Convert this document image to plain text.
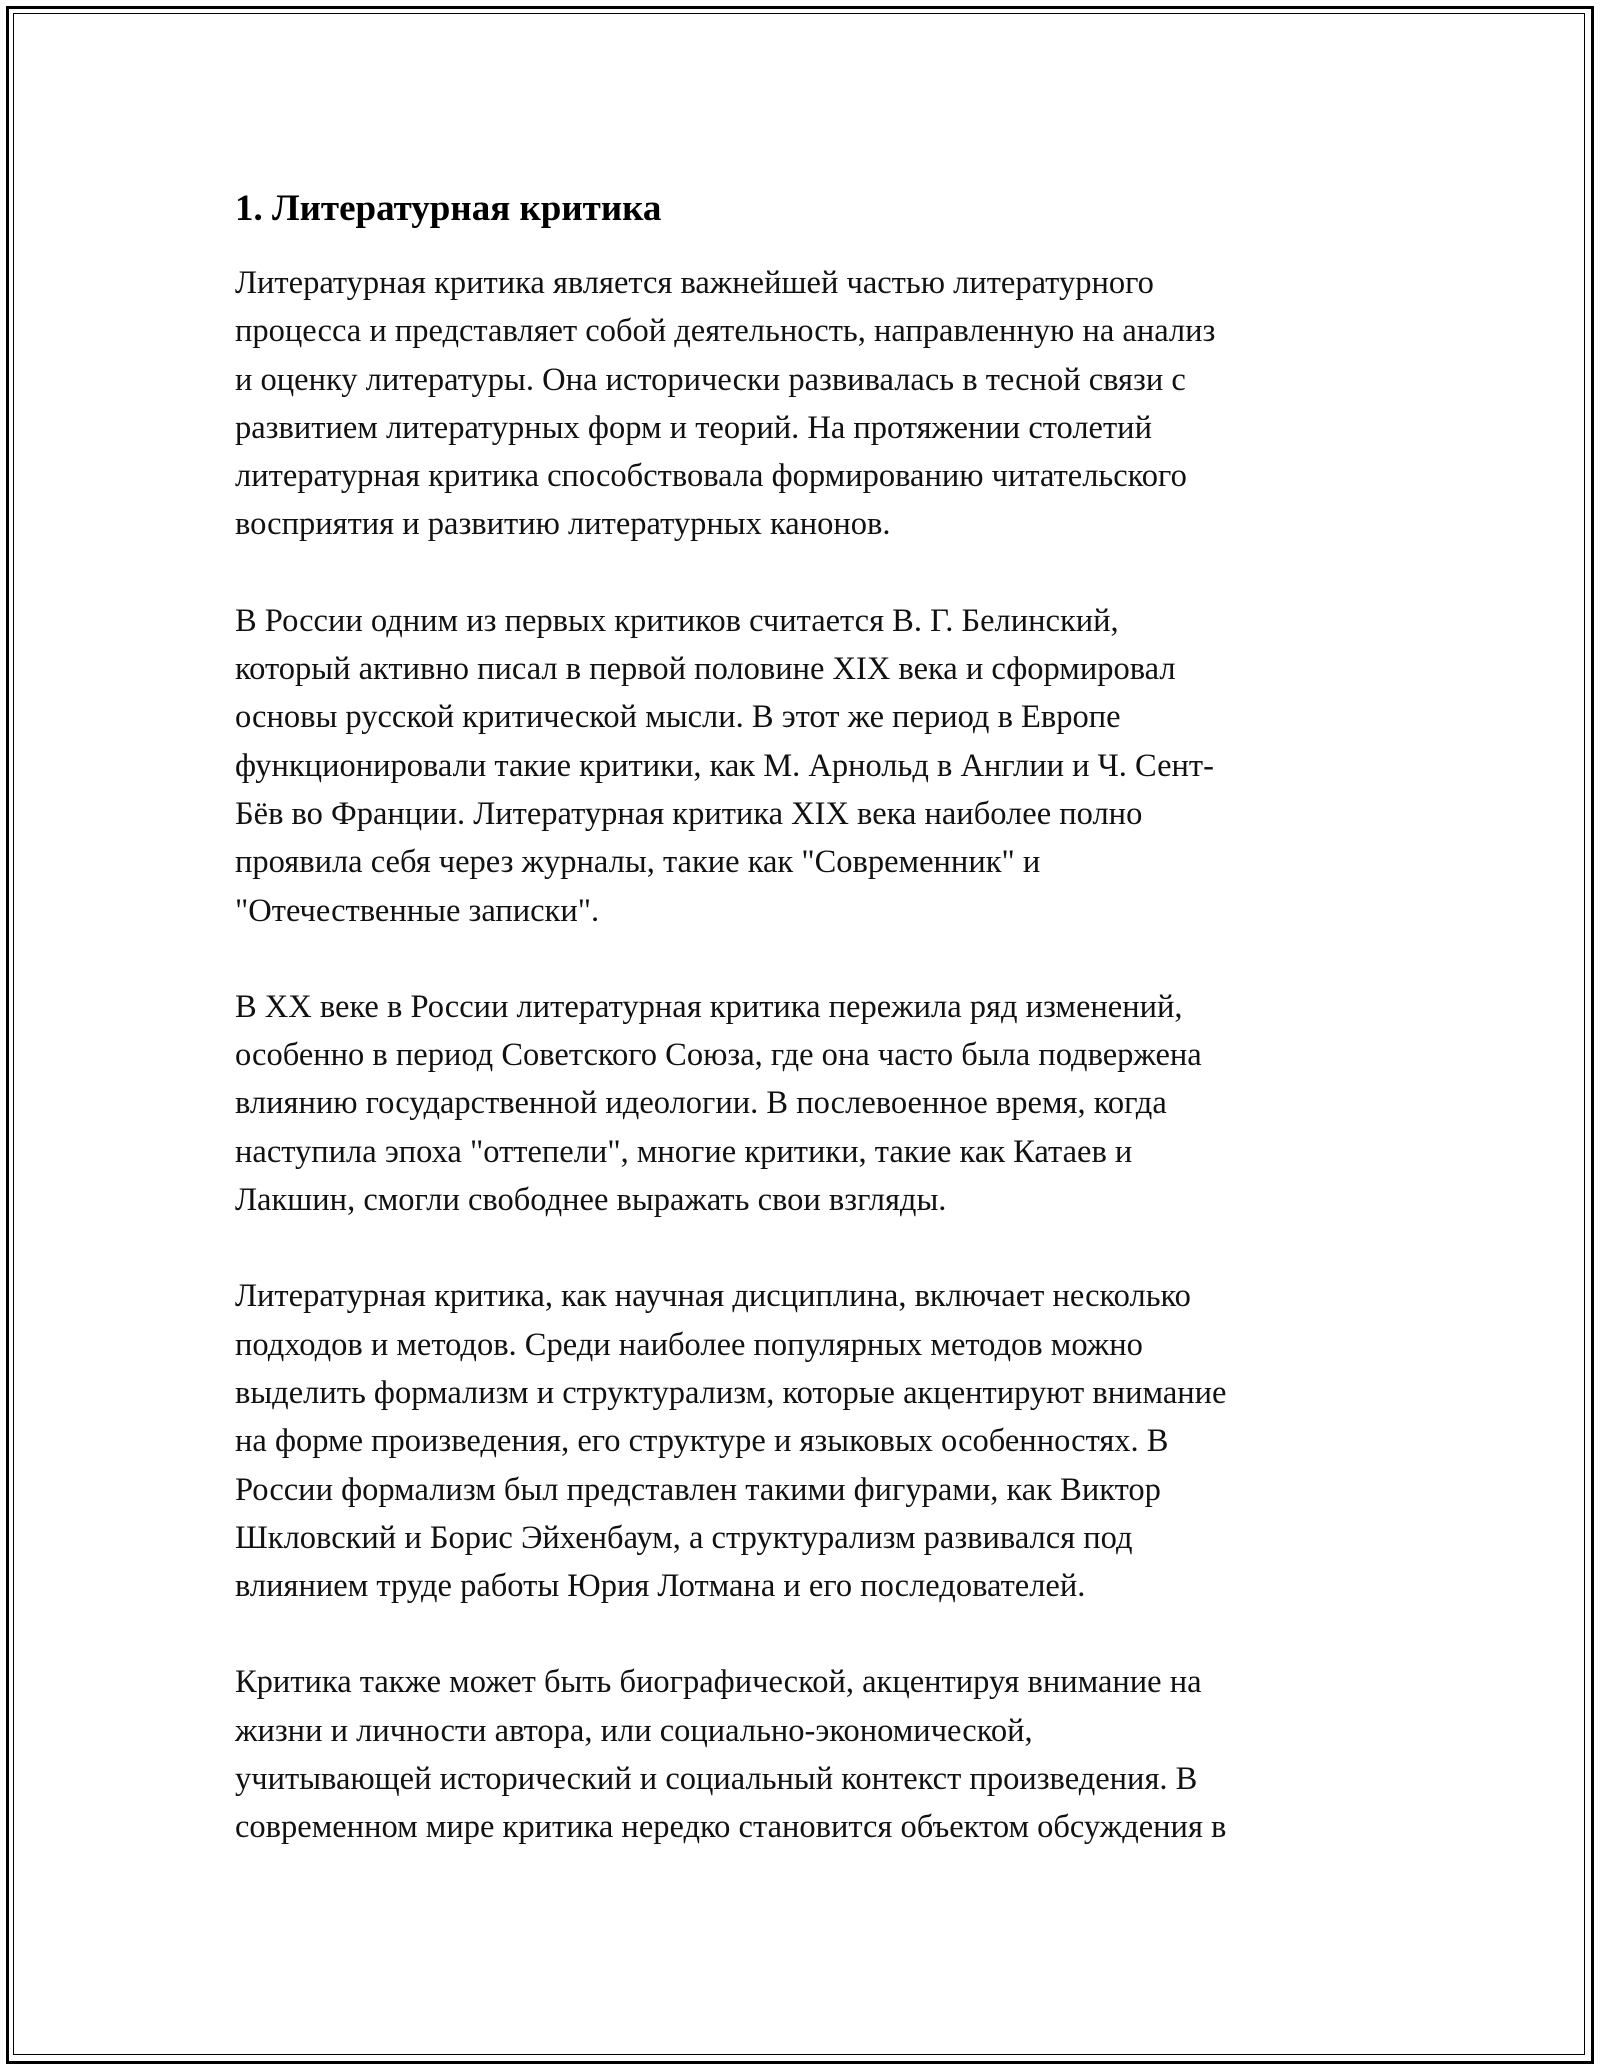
1. Литературная критика

Литературная критика является важнейшей частью литературного
процесса и представляет собой деятельность, направленную на анализ
и оценку литературы. Она исторически развивалась в тесной связи с
развитием литературных форм и теорий. На протяжении столетий
литературная критика способствовала формированию читательского
восприятия и развитию литературных канонов.

В России одним из первых критиков считается В. Г. Белинский,
который активно писал в первой половине XIX века и сформировал
основы русской критической мысли. В этот же период в Европе
функционировали такие критики, как М. Арнольд в Англии и Ч. Сент-
Бёв во Франции. Литературная критика XIX века наиболее полно
проявила себя через журналы, такие как "Современник" и
"Отечественные записки".

В XX веке в России литературная критика пережила ряд изменений,
особенно в период Советского Союза, где она часто была подвержена
влиянию государственной идеологии. В послевоенное время, когда
наступила эпоха "оттепели", многие критики, такие как Катаев и
Лакшин, смогли свободнее выражать свои взгляды.

Литературная критика, как научная дисциплина, включает несколько
подходов и методов. Среди наиболее популярных методов можно
выделить формализм и структурализм, которые акцентируют внимание
на форме произведения, его структуре и языковых особенностях. В
России формализм был представлен такими фигурами, как Виктор
Шкловский и Борис Эйхенбаум, а структурализм развивался под
влиянием труде работы Юрия Лотмана и его последователей.

Критика также может быть биографической, акцентируя внимание на
жизни и личности автора, или социально-экономической,
учитывающей исторический и социальный контекст произведения. В
современном мире критика нередко становится объектом обсуждения в
